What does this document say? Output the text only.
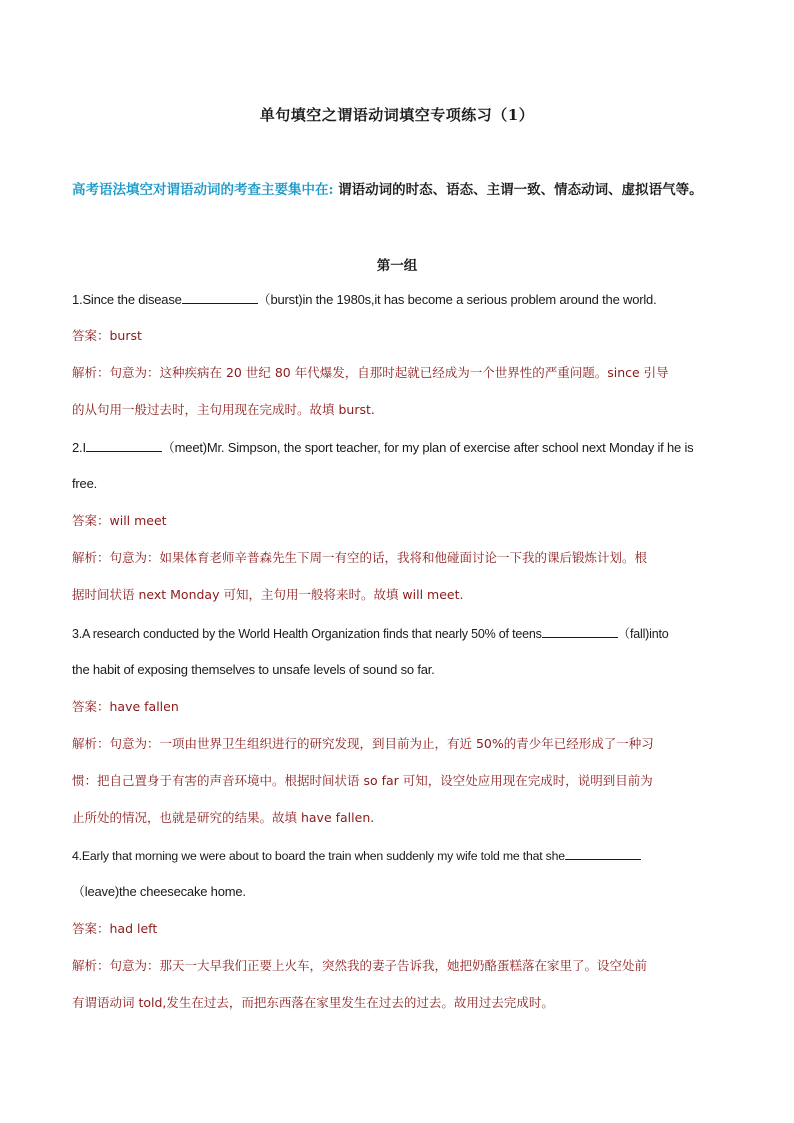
单句填空之谓语动词填空专项练习（1）
高考语法填空对谓语动词的考查主要集中在: 谓语动词的时态、语态、主谓一致、情态动词、虚拟语气等。
第一组
1.Since the disease	（burst)in the 1980s,it has become a serious problem around the world.
答案：burst
解析：句意为：这种疾病在 20 世纪 80 年代爆发，自那时起就已经成为一个世界性的严重问题。since 引导
的从句用一般过去时，主句用现在完成时。故填 burst.
2.I	（meet)Mr. Simpson, the sport teacher, for my plan of exercise after school next Monday if he is
free.
答案：will meet
解析：句意为：如果体育老师辛普森先生下周一有空的话，我将和他碰面讨论一下我的课后锻炼计划。根
据时间状语 next Monday 可知，主句用一般将来时。故填 will meet.
3.A research conducted by the World Health Organization finds that nearly 50% of teens	（fall)into
the habit of exposing themselves to unsafe levels of sound so far.
答案：have fallen
解析：句意为：一项由世界卫生组织进行的研究发现，到目前为止，有近 50%的青少年已经形成了一种习
惯：把自己置身于有害的声音环境中。根据时间状语 so far 可知，设空处应用现在完成时，说明到目前为
止所处的情况，也就是研究的结果。故填 have fallen.
4.Early that morning we were about to board the train when suddenly my wife told me that she
（leave)the cheesecake home.
答案：had left
解析：句意为：那天一大早我们正要上火车，突然我的妻子告诉我，她把奶酪蛋糕落在家里了。设空处前
有谓语动词 told,发生在过去，而把东西落在家里发生在过去的过去。故用过去完成时。
